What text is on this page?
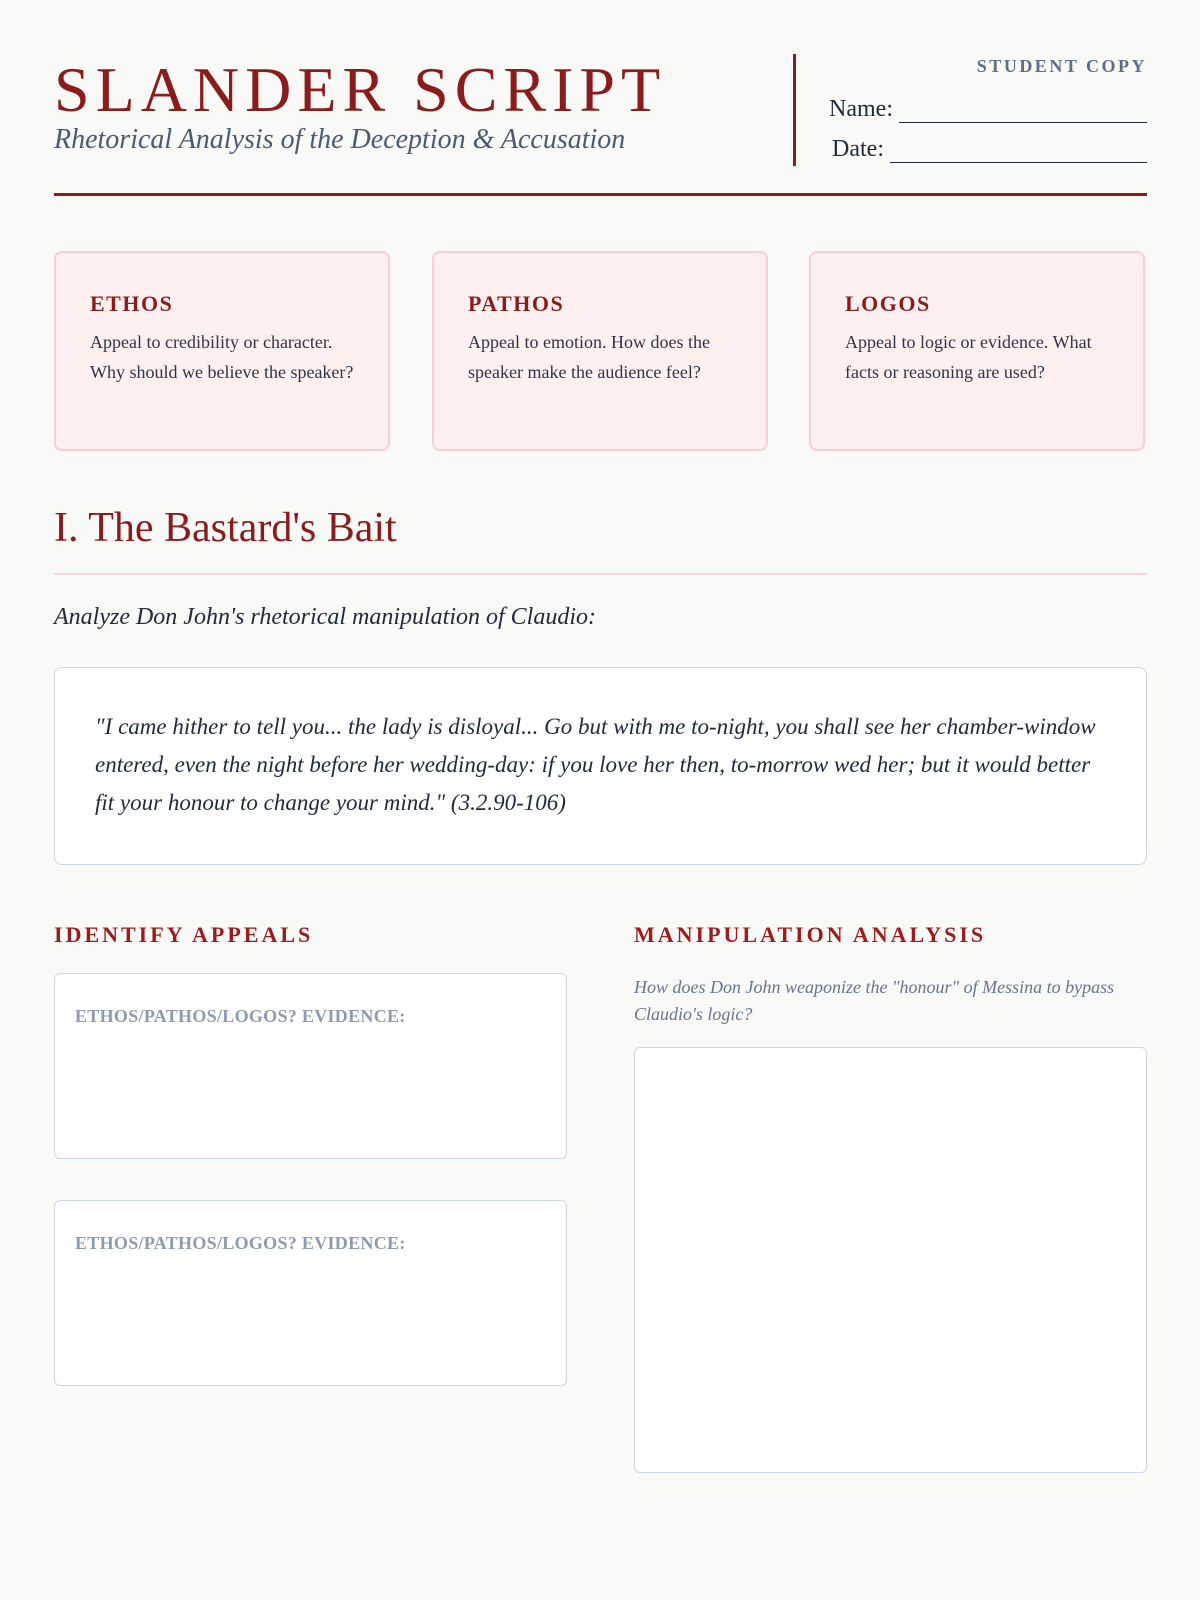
SLANDER SCRIPT

Rhetorical Analysis of the Deception & Accusation

STUDENT COPY
Name:
Date:
ETHOS

Appeal to credibility or character. Why should we believe the speaker?

PATHOS

Appeal to emotion. How does the speaker make the audience feel?

LOGOS

Appeal to logic or evidence. What facts or reasoning are used?

I. The Bastard's Bait

Analyze Don John's rhetorical manipulation of Claudio:

"I came hither to tell you... the lady is disloyal... Go but with me to-night, you shall see her chamber-window entered, even the night before her wedding-day: if you love her then, to-morrow wed her; but it would better fit your honour to change your mind." (3.2.90-106)

IDENTIFY APPEALS
ETHOS/PATHOS/LOGOS? EVIDENCE:
ETHOS/PATHOS/LOGOS? EVIDENCE:
MANIPULATION ANALYSIS

How does Don John weaponize the "honour" of Messina to bypass Claudio's logic?
